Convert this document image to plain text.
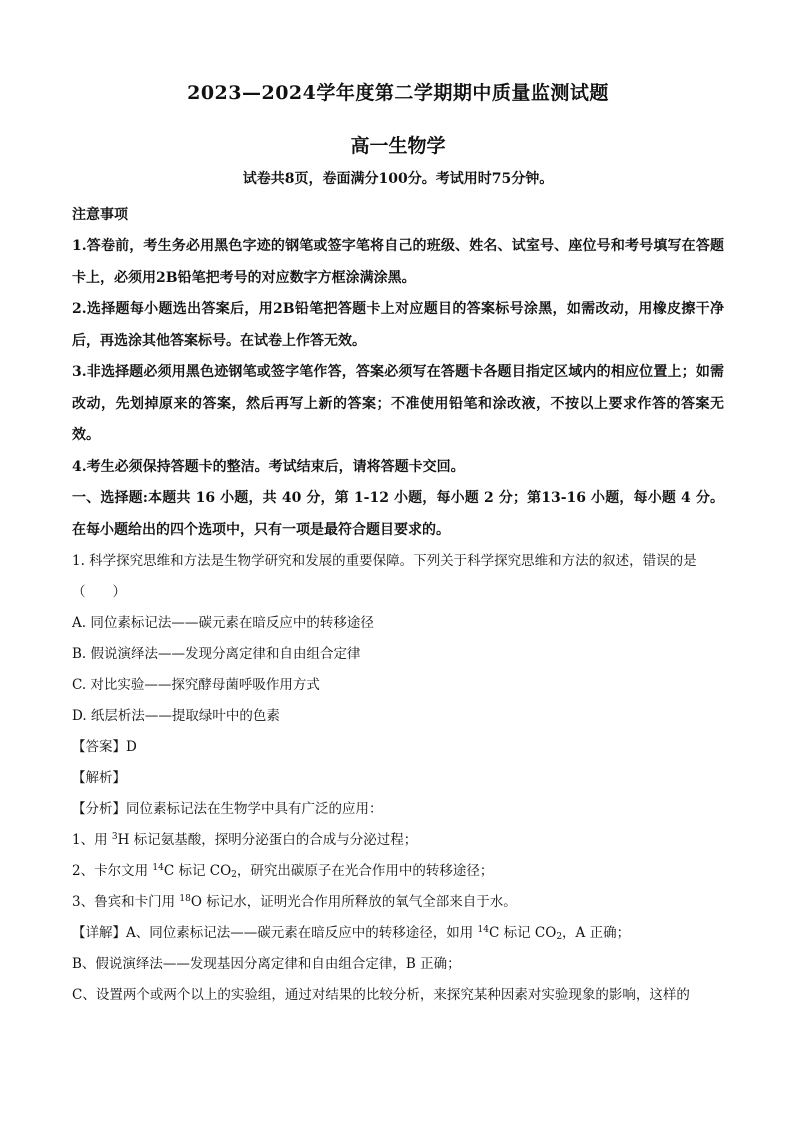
2023—2024学年度第二学期期中质量监测试题
高一生物学

试卷共8页，卷面满分100分。考试用时75分钟。

注意事项

1.答卷前，考生务必用黑色字迹的钢笔或签字笔将自己的班级、姓名、试室号、座位号和考号填写在答题卡上，必须用2B铅笔把考号的对应数字方框涂满涂黑。

2.选择题每小题选出答案后，用2B铅笔把答题卡上对应题目的答案标号涂黑，如需改动，用橡皮擦干净后，再选涂其他答案标号。在试卷上作答无效。

3.非选择题必须用黑色迹钢笔或签字笔作答，答案必须写在答题卡各题目指定区域内的相应位置上；如需改动，先划掉原来的答案，然后再写上新的答案；不准使用铅笔和涂改液，不按以上要求作答的答案无效。

4.考生必须保持答题卡的整洁。考试结束后，请将答题卡交回。

一、选择题:本题共 16 小题，共 40 分，第 1-12 小题，每小题 2 分；第13-16 小题，每小题 4 分。在每小题给出的四个选项中，只有一项是最符合题目要求的。

1. 科学探究思维和方法是生物学研究和发展的重要保障。下列关于科学探究思维和方法的叙述，错误的是（　　）

A. 同位素标记法——碳元素在暗反应中的转移途径

B. 假说演绎法——发现分离定律和自由组合定律

C. 对比实验——探究酵母菌呼吸作用方式

D. 纸层析法——提取绿叶中的色素

【答案】D

【解析】

【分析】同位素标记法在生物学中具有广泛的应用：

1、用 $^3$H 标记氨基酸，探明分泌蛋白的合成与分泌过程；

2、卡尔文用 $^{14}$C 标记 $CO_2$，研究出碳原子在光合作用中的转移途径；

3、鲁宾和卡门用 $^{18}$O 标记水，证明光合作用所释放的氧气全部来自于水。

【详解】A、同位素标记法——碳元素在暗反应中的转移途径，如用 $^{14}$C 标记 $CO_2$，A 正确；

B、假说演绎法——发现基因分离定律和自由组合定律，B 正确；

C、设置两个或两个以上的实验组，通过对结果的比较分析，来探究某种因素对实验现象的影响，这样的
